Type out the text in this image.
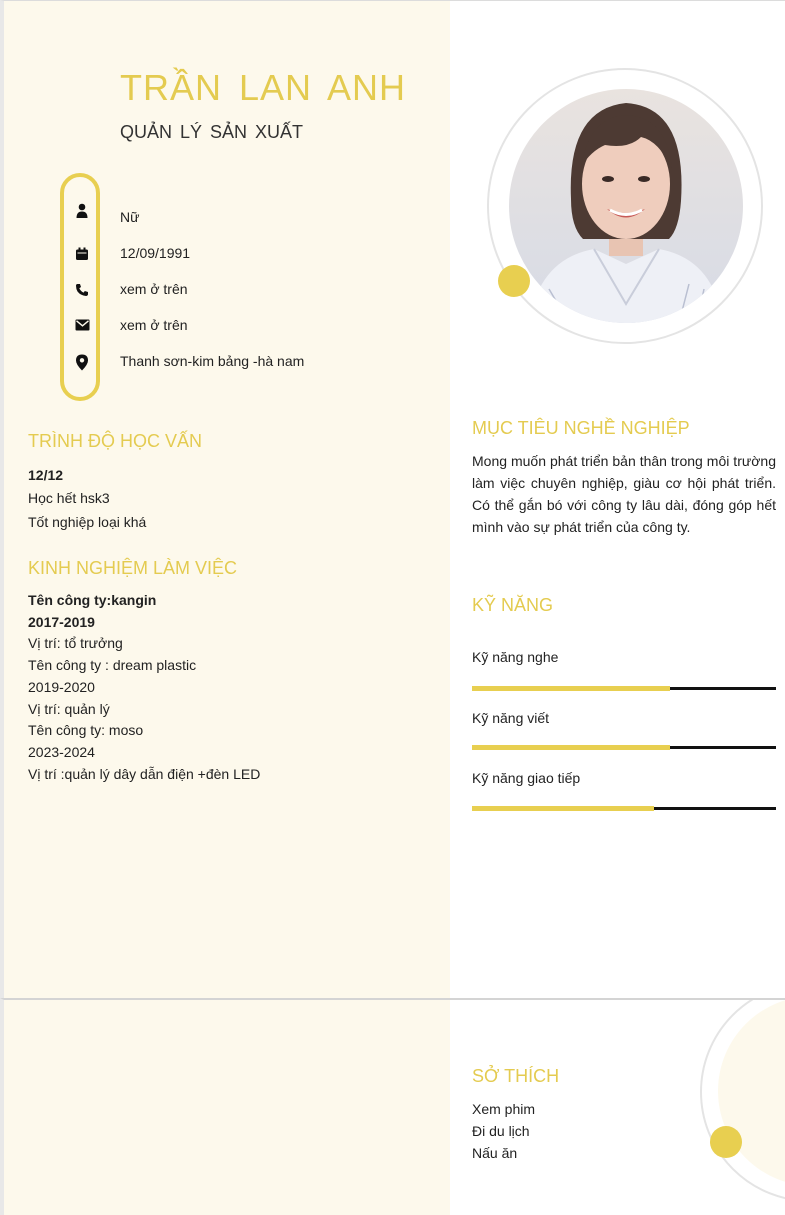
TRẦN LAN ANH
QUẢN LÝ SẢN XUẤT
Nữ
12/09/1991
xem ở trên
xem ở trên
Thanh sơn-kim bảng -hà nam
TRÌNH ĐỘ HỌC VẤN
12/12
Học hết hsk3
Tốt nghiệp loại khá
KINH NGHIỆM LÀM VIỆC
Tên công ty:kangin
2017-2019
Vị trí: tổ trưởng
Tên công ty : dream plastic
2019-2020
Vị trí: quản lý
Tên công ty: moso
2023-2024
Vị trí :quản lý dây dẫn điện +đèn LED
MỤC TIÊU NGHỀ NGHIỆP
Mong muốn phát triển bản thân trong môi trường làm việc chuyên nghiệp, giàu cơ hội phát triển. Có thể gắn bó với công ty lâu dài, đóng góp hết mình vào sự phát triển của công ty.
KỸ NĂNG
Kỹ năng nghe
Kỹ năng viết
Kỹ năng giao tiếp
SỞ THÍCH
Xem phim
Đi du lịch
Nấu ăn
